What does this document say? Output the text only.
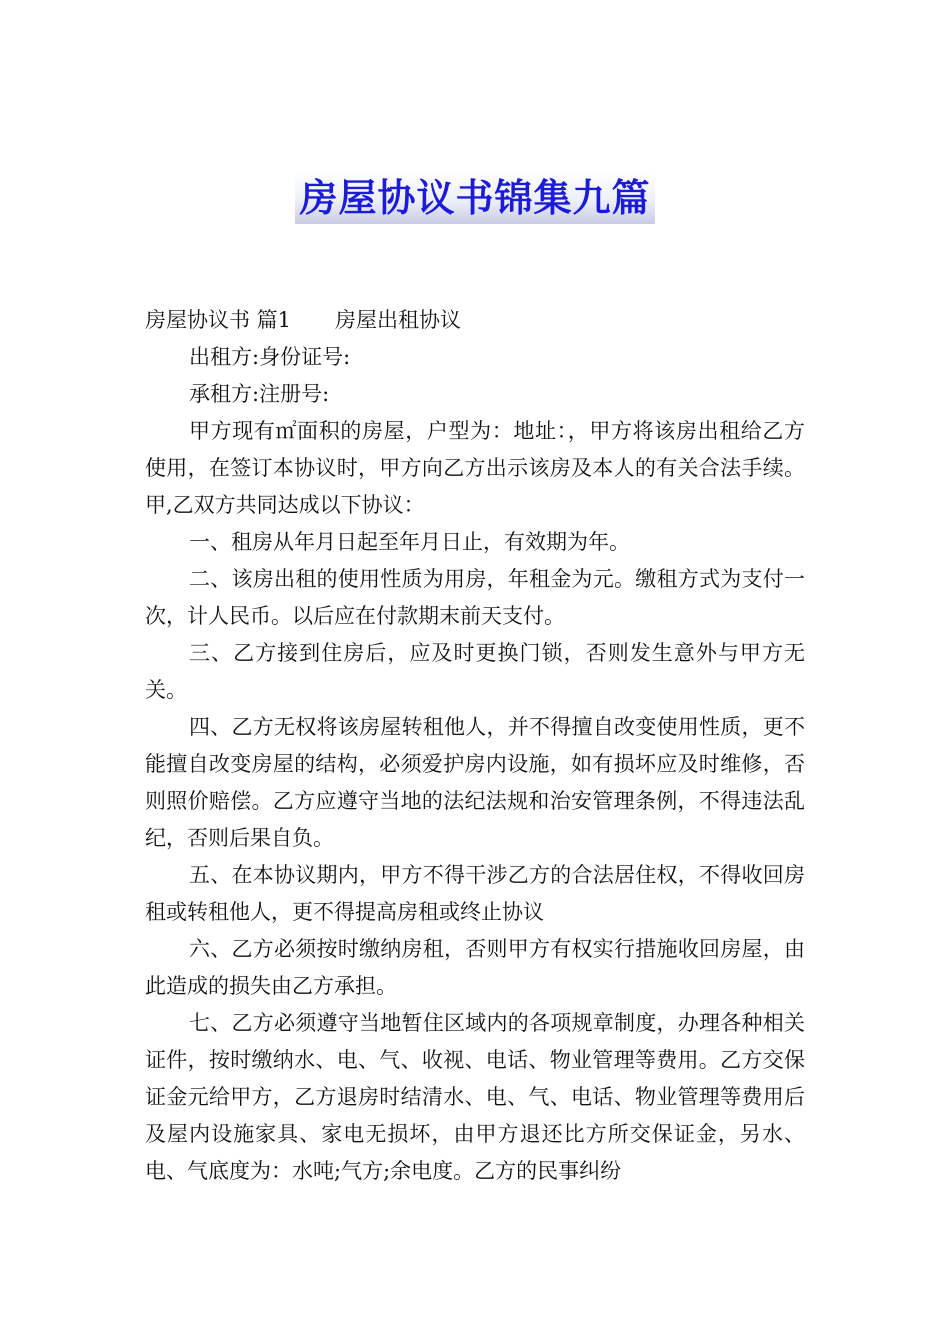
房屋协议书锦集九篇

房屋协议书 篇1 房屋出租协议

出租方:身份证号:

承租方:注册号:

甲方现有㎡面积的房屋，户型为：地址：，甲方将该房出租给乙方使用，在签订本协议时，甲方向乙方出示该房及本人的有关合法手续。甲,乙双方共同达成以下协议：

一、租房从年月日起至年月日止，有效期为年。

二、该房出租的使用性质为用房，年租金为元。缴租方式为支付一次，计人民币。以后应在付款期末前天支付。

三、乙方接到住房后，应及时更换门锁，否则发生意外与甲方无关。

四、乙方无权将该房屋转租他人，并不得擅自改变使用性质，更不能擅自改变房屋的结构，必须爱护房内设施，如有损坏应及时维修，否则照价赔偿。乙方应遵守当地的法纪法规和治安管理条例，不得违法乱纪，否则后果自负。

五、在本协议期内，甲方不得干涉乙方的合法居住权，不得收回房租或转租他人，更不得提高房租或终止协议

六、乙方必须按时缴纳房租，否则甲方有权实行措施收回房屋，由此造成的损失由乙方承担。

七、乙方必须遵守当地暂住区域内的各项规章制度，办理各种相关证件，按时缴纳水、电、气、收视、电话、物业管理等费用。乙方交保证金元给甲方，乙方退房时结清水、电、气、电话、物业管理等费用后及屋内设施家具、家电无损坏，由甲方退还比方所交保证金，另水、电、气底度为：水吨;气方;余电度。乙方的民事纠纷
